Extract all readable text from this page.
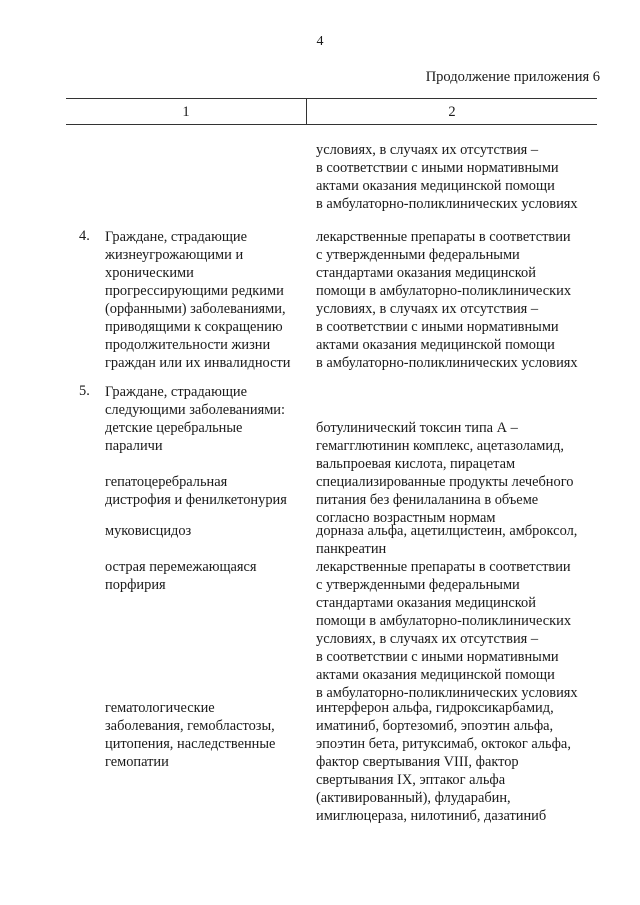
4
Продолжение приложения 6
1	2
условиях, в случаях их отсутствия –
в соответствии с иными нормативными
актами оказания медицинской помощи
в амбулаторно-поликлинических условиях
4. Граждане, страдающие
жизнеугрожающими и
хроническими
прогрессирующими редкими
(орфанными) заболеваниями,
приводящими к сокращению
продолжительности жизни
граждан или их инвалидности
лекарственные препараты в соответствии
с утвержденными федеральными
стандартами оказания медицинской
помощи в амбулаторно-поликлинических
условиях, в случаях их отсутствия –
в соответствии с иными нормативными
актами оказания медицинской помощи
в амбулаторно-поликлинических условиях
5. Граждане, страдающие
следующими заболеваниями:
детские церебральные
параличи
ботулинический токсин типа А –
гемагглютинин комплекс, ацетазоламид,
вальпроевая кислота, пирацетам
гепатоцеребральная
дистрофия и фенилкетонурия
специализированные продукты лечебного
питания без фенилаланина в объеме
согласно возрастным нормам
муковисцидоз	дорназа альфа, ацетилцистеин, амброксол,
панкреатин
острая перемежающаяся
порфирия
лекарственные препараты в соответствии
с утвержденными федеральными
стандартами оказания медицинской
помощи в амбулаторно-поликлинических
условиях, в случаях их отсутствия –
в соответствии с иными нормативными
актами оказания медицинской помощи
в амбулаторно-поликлинических условиях
гематологические
заболевания, гемобластозы,
цитопения, наследственные
гемопатии
интерферон альфа, гидроксикарбамид,
иматиниб, бортезомиб, эпоэтин альфа,
эпоэтин бета, ритуксимаб, октоког альфа,
фактор свертывания VIII, фактор
свертывания IX, эптаког альфа
(активированный), флударабин,
имиглюцераза, нилотиниб, дазатиниб
